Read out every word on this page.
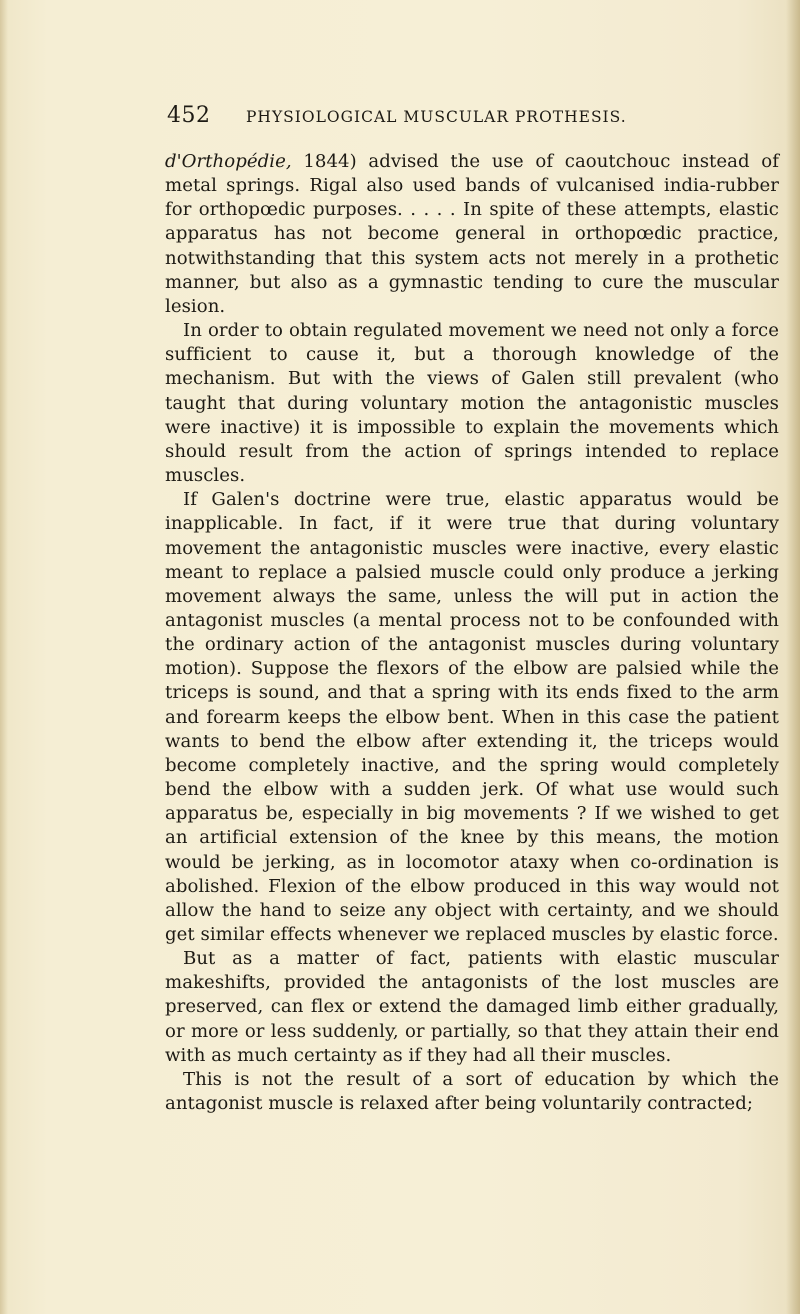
452 PHYSIOLOGICAL MUSCULAR PROTHESIS.

d'Orthopédie, 1844) advised the use of caoutchouc instead of metal springs. Rigal also used bands of vulcanised india-rubber for orthopœdic purposes. . . . . In spite of these attempts, elastic apparatus has not become general in orthopœdic practice, notwithstanding that this system acts not merely in a prothetic manner, but also as a gymnastic tending to cure the muscular lesion.

In order to obtain regulated movement we need not only a force sufficient to cause it, but a thorough knowledge of the mechanism. But with the views of Galen still prevalent (who taught that during voluntary motion the antagonistic muscles were inactive) it is impossible to explain the movements which should result from the action of springs intended to replace muscles.

If Galen's doctrine were true, elastic apparatus would be inapplicable. In fact, if it were true that during voluntary movement the antagonistic muscles were inactive, every elastic meant to replace a palsied muscle could only produce a jerking movement always the same, unless the will put in action the antagonist muscles (a mental process not to be confounded with the ordinary action of the antagonist muscles during voluntary motion). Suppose the flexors of the elbow are palsied while the triceps is sound, and that a spring with its ends fixed to the arm and forearm keeps the elbow bent. When in this case the patient wants to bend the elbow after extending it, the triceps would become completely inactive, and the spring would completely bend the elbow with a sudden jerk. Of what use would such apparatus be, especially in big movements ? If we wished to get an artificial extension of the knee by this means, the motion would be jerking, as in locomotor ataxy when co-ordination is abolished. Flexion of the elbow produced in this way would not allow the hand to seize any object with certainty, and we should get similar effects whenever we replaced muscles by elastic force.

But as a matter of fact, patients with elastic muscular makeshifts, provided the antagonists of the lost muscles are preserved, can flex or extend the damaged limb either gradually, or more or less suddenly, or partially, so that they attain their end with as much certainty as if they had all their muscles.

This is not the result of a sort of education by which the antagonist muscle is relaxed after being voluntarily contracted;
